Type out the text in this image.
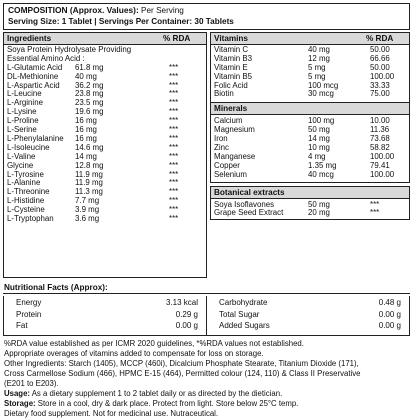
COMPOSITION (Approx. Values): Per Serving
Serving Size: 1 Tablet | Servings Per Container: 30 Tablets
Ingredients	% RDA
Soya Protein Hydrolysate Providing
Essential Amino Acid :
L-Glutamic Acid	61.8 mg	***
DL-Methionine	40 mg	***
L-Aspartic Acid	36.2 mg	***
L-Leucine	23.8 mg	***
L-Arginine	23.5 mg	***
L-Lysine	19.6 mg	***
L-Proline	16 mg	***
L-Serine	16 mg	***
L-Phenylalanine	16 mg	***
L-Isoleucine	14.6 mg	***
L-Valine	14 mg	***
Glycine	12.8 mg	***
L-Tyrosine	11.9 mg	***
L-Alanine	11.9 mg	***
L-Threonine	11.3 mg	***
L-Histidine	7.7 mg	***
L-Cysteine	3.9 mg	***
L-Tryptophan	3.6 mg	***
Vitamins	% RDA
Vitamin C	40 mg	50.00
Vitamin B3	12 mg	66.66
Vitamin E	5 mg	50.00
Vitamin B5	5 mg	100.00
Folic Acid	100 mcg	33.33
Biotin	30 mcg	75.00
Minerals
Calcium	100 mg	10.00
Magnesium	50 mg	11.36
Iron	14 mg	73.68
Zinc	10 mg	58.82
Manganese	4 mg	100.00
Copper	1.35 mg	79.41
Selenium	40 mcg	100.00
Botanical extracts
Soya Isoflavones	50 mg	***
Grape Seed Extract	20 mg	***
Nutritional Facts (Approx):
Energy	3.13 kcal
Protein	0.29 g
Fat	0.00 g
Carbohydrate	0.48 g
Total Sugar	0.00 g
Added Sugars	0.00 g

%RDA value established as per ICMR 2020 guidelines, *%RDA values not established.

Appropriate overages of vitamins added to compensate for loss on storage.

Other Ingredients: Starch (1405), MCCP (460i), Dicalcium Phosphate Stearate, Titanium Dioxide (171),

Cross Carmellose Sodium (466), HPMC E-15 (464), Permitted colour (124, 110) & Class II Preservative

(E201 to E203).

Usage: As a dietary supplement 1 to 2 tablet daily or as directed by the dietician.

Storage: Store in a cool, dry & dark place. Protect from light. Store below 25°C temp.

Dietary food supplement. Not for medicinal use. Nutraceutical.
